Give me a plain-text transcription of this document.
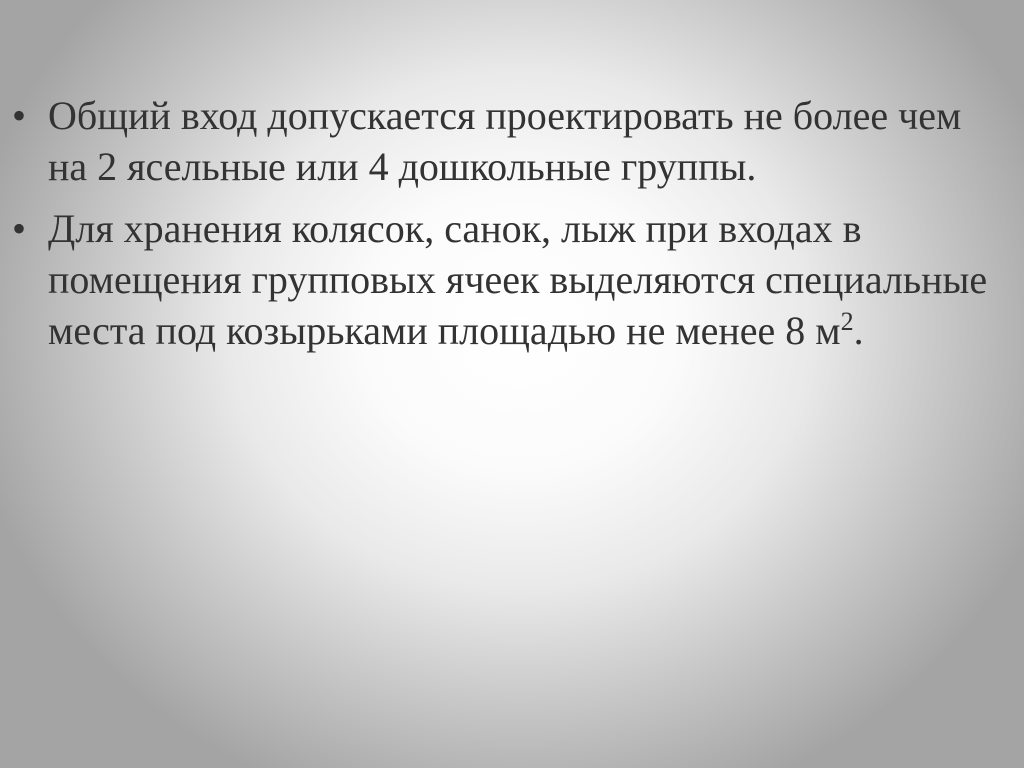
• Общий вход допускается проектировать не более чем на 2 ясельные или 4 дошкольные группы.
• Для хранения колясок, санок, лыж при входах в помещения групповых ячеек выделяются специальные места под козырьками площадью не менее 8 $м^2$.
